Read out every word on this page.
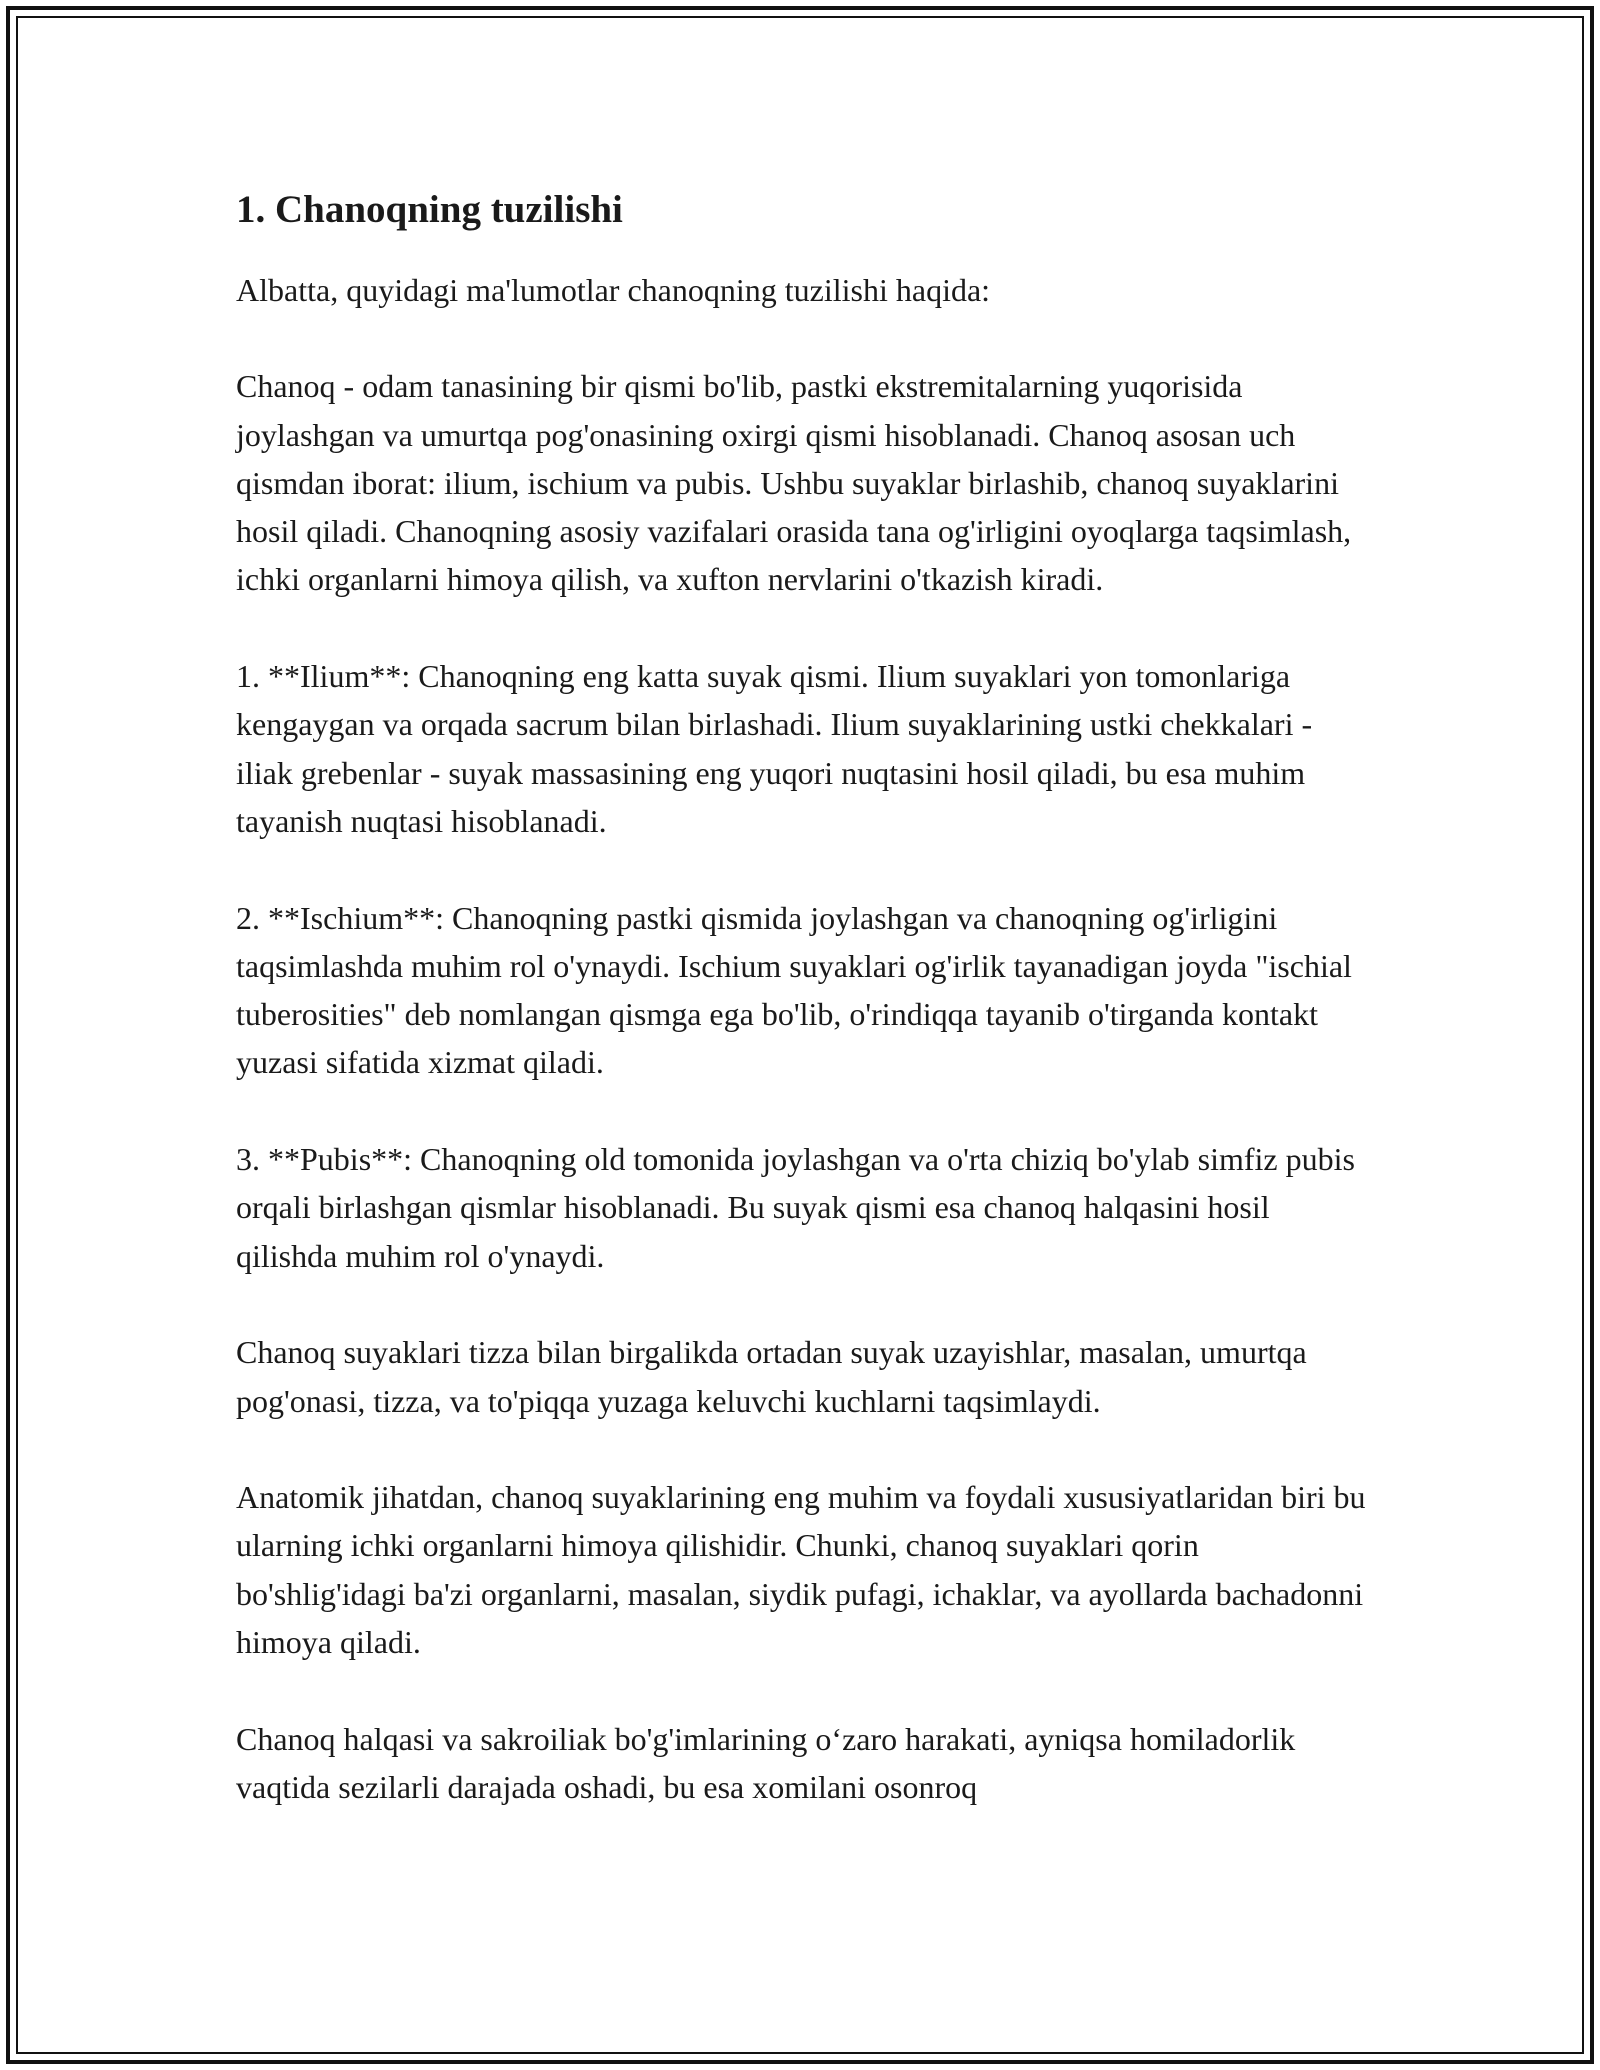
1. Chanoqning tuzilishi

Albatta, quyidagi ma'lumotlar chanoqning tuzilishi haqida:

Chanoq - odam tanasining bir qismi bo'lib, pastki ekstremitalarning yuqorisida joylashgan va umurtqa pog'onasining oxirgi qismi hisoblanadi. Chanoq asosan uch qismdan iborat: ilium, ischium va pubis. Ushbu suyaklar birlashib, chanoq suyaklarini hosil qiladi. Chanoqning asosiy vazifalari orasida tana og'irligini oyoqlarga taqsimlash, ichki organlarni himoya qilish, va xufton nervlarini o'tkazish kiradi.

1. **Ilium**: Chanoqning eng katta suyak qismi. Ilium suyaklari yon tomonlariga kengaygan va orqada sacrum bilan birlashadi. Ilium suyaklarining ustki chekkalari - iliak grebenlar - suyak massasining eng yuqori nuqtasini hosil qiladi, bu esa muhim tayanish nuqtasi hisoblanadi.

2. **Ischium**: Chanoqning pastki qismida joylashgan va chanoqning og'irligini taqsimlashda muhim rol o'ynaydi. Ischium suyaklari og'irlik tayanadigan joyda "ischial tuberosities" deb nomlangan qismga ega bo'lib, o'rindiqqa tayanib o'tirganda kontakt yuzasi sifatida xizmat qiladi.

3. **Pubis**: Chanoqning old tomonida joylashgan va o'rta chiziq bo'ylab simfiz pubis orqali birlashgan qismlar hisoblanadi. Bu suyak qismi esa chanoq halqasini hosil qilishda muhim rol o'ynaydi.

Chanoq suyaklari tizza bilan birgalikda ortadan suyak uzayishlar, masalan, umurtqa pog'onasi, tizza, va to'piqqa yuzaga keluvchi kuchlarni taqsimlaydi.

Anatomik jihatdan, chanoq suyaklarining eng muhim va foydali xususiyatlaridan biri bu ularning ichki organlarni himoya qilishidir. Chunki, chanoq suyaklari qorin bo'shlig'idagi ba'zi organlarni, masalan, siydik pufagi, ichaklar, va ayollarda bachadonni himoya qiladi.

Chanoq halqasi va sakroiliak bo'g'imlarining o‘zaro harakati, ayniqsa homiladorlik vaqtida sezilarli darajada oshadi, bu esa xomilani osonroq
